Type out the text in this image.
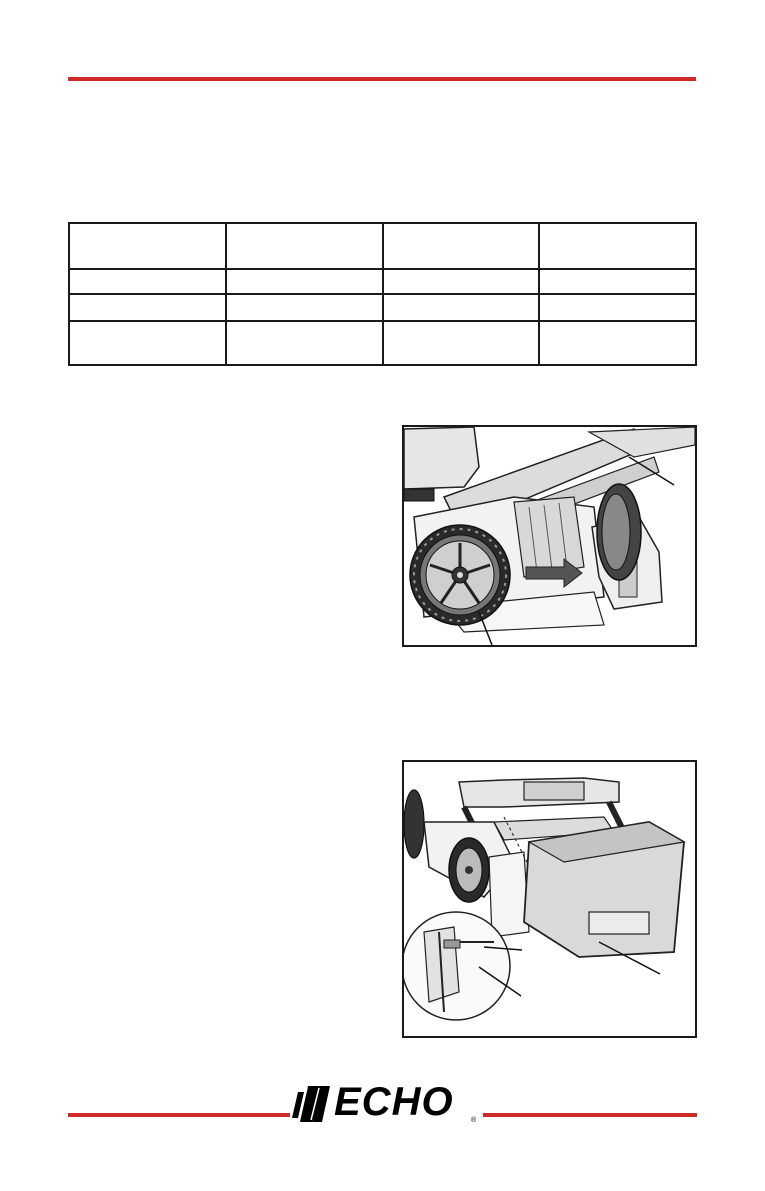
ECHO ®
